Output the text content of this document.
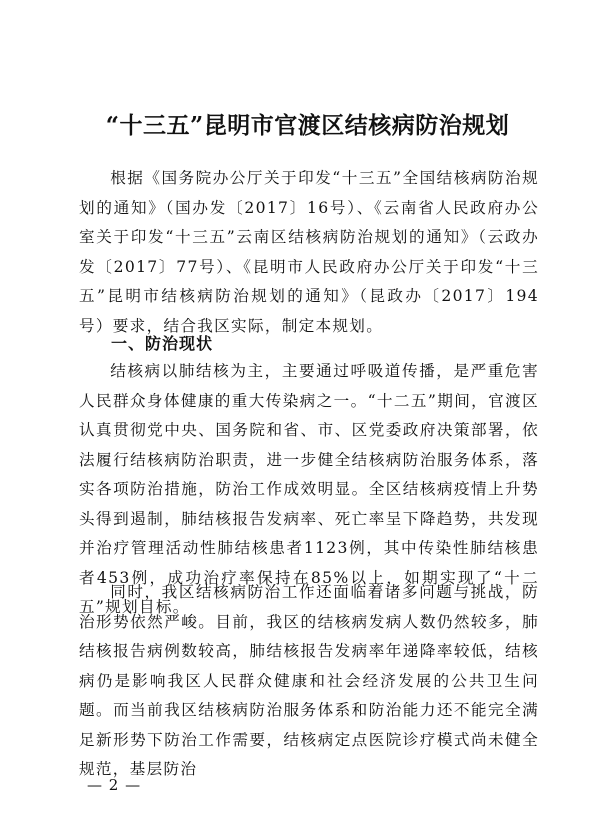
“十三五”昆明市官渡区结核病防治规划

根据《国务院办公厅关于印发“十三五”全国结核病防治规划的通知》（国办发〔2017〕16号）、《云南省人民政府办公室关于印发“十三五”云南区结核病防治规划的通知》（云政办发〔2017〕77号）、《昆明市人民政府办公厅关于印发“十三五”昆明市结核病防治规划的通知》（昆政办〔2017〕194号）要求，结合我区实际，制定本规划。

一、防治现状

结核病以肺结核为主，主要通过呼吸道传播，是严重危害人民群众身体健康的重大传染病之一。“十二五”期间，官渡区认真贯彻党中央、国务院和省、市、区党委政府决策部署，依法履行结核病防治职责，进一步健全结核病防治服务体系，落实各项防治措施，防治工作成效明显。全区结核病疫情上升势头得到遏制，肺结核报告发病率、死亡率呈下降趋势，共发现并治疗管理活动性肺结核患者1123例，其中传染性肺结核患者453例，成功治疗率保持在85%以上，如期实现了“十二五”规划目标。

同时，我区结核病防治工作还面临着诸多问题与挑战，防治形势依然严峻。目前，我区的结核病发病人数仍然较多，肺结核报告病例数较高，肺结核报告发病率年递降率较低，结核病仍是影响我区人民群众健康和社会经济发展的公共卫生问题。而当前我区结核病防治服务体系和防治能力还不能完全满足新形势下防治工作需要，结核病定点医院诊疗模式尚未健全规范，基层防治

— 2 —
